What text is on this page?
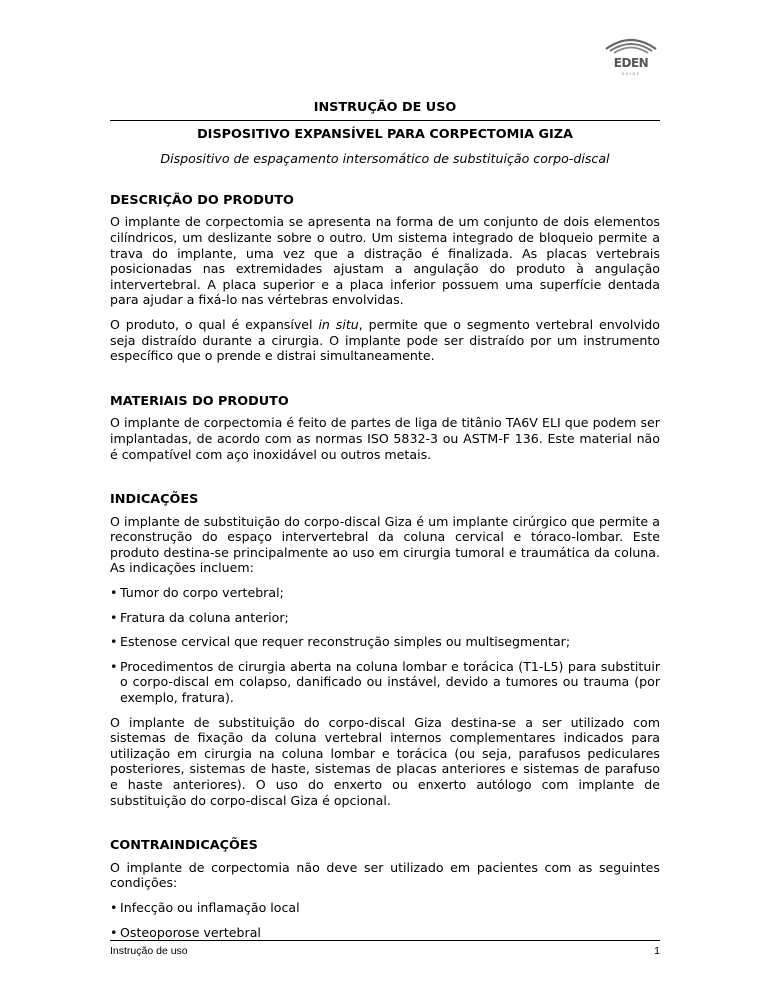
EDEN
GUIDE
INSTRUÇÃO DE USO
DISPOSITIVO EXPANSÍVEL PARA CORPECTOMIA GIZA
Dispositivo de espaçamento intersomático de substituição corpo-discal
DESCRIÇÃO DO PRODUTO

O implante de corpectomia se apresenta na forma de um conjunto de dois elementos cilíndricos, um deslizante sobre o outro. Um sistema integrado de bloqueio permite a trava do implante, uma vez que a distração é finalizada. As placas vertebrais posicionadas nas extremidades ajustam a angulação do produto à angulação intervertebral. A placa superior e a placa inferior possuem uma superfície dentada para ajudar a fixá-lo nas vértebras envolvidas.

O produto, o qual é expansível in situ, permite que o segmento vertebral envolvido seja distraído durante a cirurgia. O implante pode ser distraído por um instrumento específico que o prende e distrai simultaneamente.

MATERIAIS DO PRODUTO

O implante de corpectomia é feito de partes de liga de titânio TA6V ELI que podem ser implantadas, de acordo com as normas ISO 5832-3 ou ASTM-F 136. Este material não é compatível com aço inoxidável ou outros metais.

INDICAÇÕES

O implante de substituição do corpo-discal Giza é um implante cirúrgico que permite a reconstrução do espaço intervertebral da coluna cervical e tóraco-lombar. Este produto destina-se principalmente ao uso em cirurgia tumoral e traumática da coluna. As indicações incluem:

• Tumor do corpo vertebral;
• Fratura da coluna anterior;
• Estenose cervical que requer reconstrução simples ou multisegmentar;
• Procedimentos de cirurgia aberta na coluna lombar e torácica (T1-L5) para substituir o corpo-discal em colapso, danificado ou instável, devido a tumores ou trauma (por exemplo, fratura).

O implante de substituição do corpo-discal Giza destina-se a ser utilizado com sistemas de fixação da coluna vertebral internos complementares indicados para utilização em cirurgia na coluna lombar e torácica (ou seja, parafusos pediculares posteriores, sistemas de haste, sistemas de placas anteriores e sistemas de parafuso e haste anteriores). O uso do enxerto ou enxerto autólogo com implante de substituição do corpo-discal Giza é opcional.

CONTRAINDICAÇÕES

O implante de corpectomia não deve ser utilizado em pacientes com as seguintes condições:

• Infecção ou inflamação local
• Osteoporose vertebral
Instrução de uso	1
